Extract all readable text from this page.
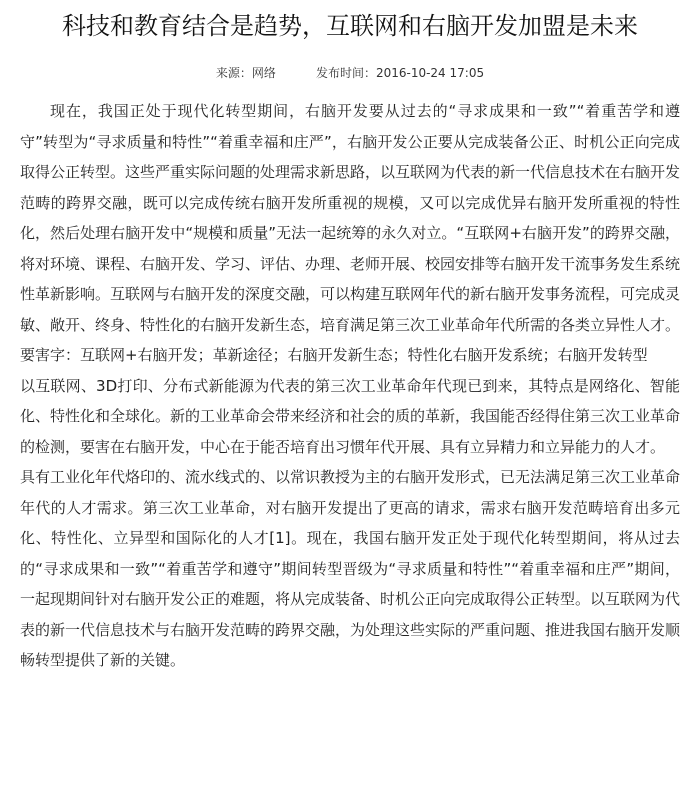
科技和教育结合是趋势，互联网和右脑开发加盟是未来
来源：网络	发布时间：2016-10-24 17:05

现在，我国正处于现代化转型期间，右脑开发要从过去的“寻求成果和一致”“着重苦学和遵守”转型为“寻求质量和特性”“着重幸福和庄严”，右脑开发公正要从完成装备公正、时机公正向完成取得公正转型。这些严重实际问题的处理需求新思路，以互联网为代表的新一代信息技术在右脑开发范畴的跨界交融，既可以完成传统右脑开发所重视的规模，又可以完成优异右脑开发所重视的特性化，然后处理右脑开发中“规模和质量”无法一起统筹的永久对立。“互联网+右脑开发”的跨界交融，将对环境、课程、右脑开发、学习、评估、办理、老师开展、校园安排等右脑开发干流事务发生系统性革新影响。互联网与右脑开发的深度交融，可以构建互联网年代的新右脑开发事务流程，可完成灵敏、敞开、终身、特性化的右脑开发新生态，培育满足第三次工业革命年代所需的各类立异性人才。

要害字：互联网+右脑开发；革新途径；右脑开发新生态；特性化右脑开发系统；右脑开发转型

以互联网、3D打印、分布式新能源为代表的第三次工业革命年代现已到来，其特点是网络化、智能化、特性化和全球化。新的工业革命会带来经济和社会的质的革新，我国能否经得住第三次工业革命的检测，要害在右脑开发，中心在于能否培育出习惯年代开展、具有立异精力和立异能力的人才。

具有工业化年代烙印的、流水线式的、以常识教授为主的右脑开发形式，已无法满足第三次工业革命年代的人才需求。第三次工业革命，对右脑开发提出了更高的请求，需求右脑开发范畴培育出多元化、特性化、立异型和国际化的人才[1]。现在，我国右脑开发正处于现代化转型期间，将从过去的“寻求成果和一致”“着重苦学和遵守”期间转型晋级为“寻求质量和特性”“着重幸福和庄严”期间，一起现期间针对右脑开发公正的难题，将从完成装备、时机公正向完成取得公正转型。以互联网为代表的新一代信息技术与右脑开发范畴的跨界交融，为处理这些实际的严重问题、推进我国右脑开发顺畅转型提供了新的关键。
